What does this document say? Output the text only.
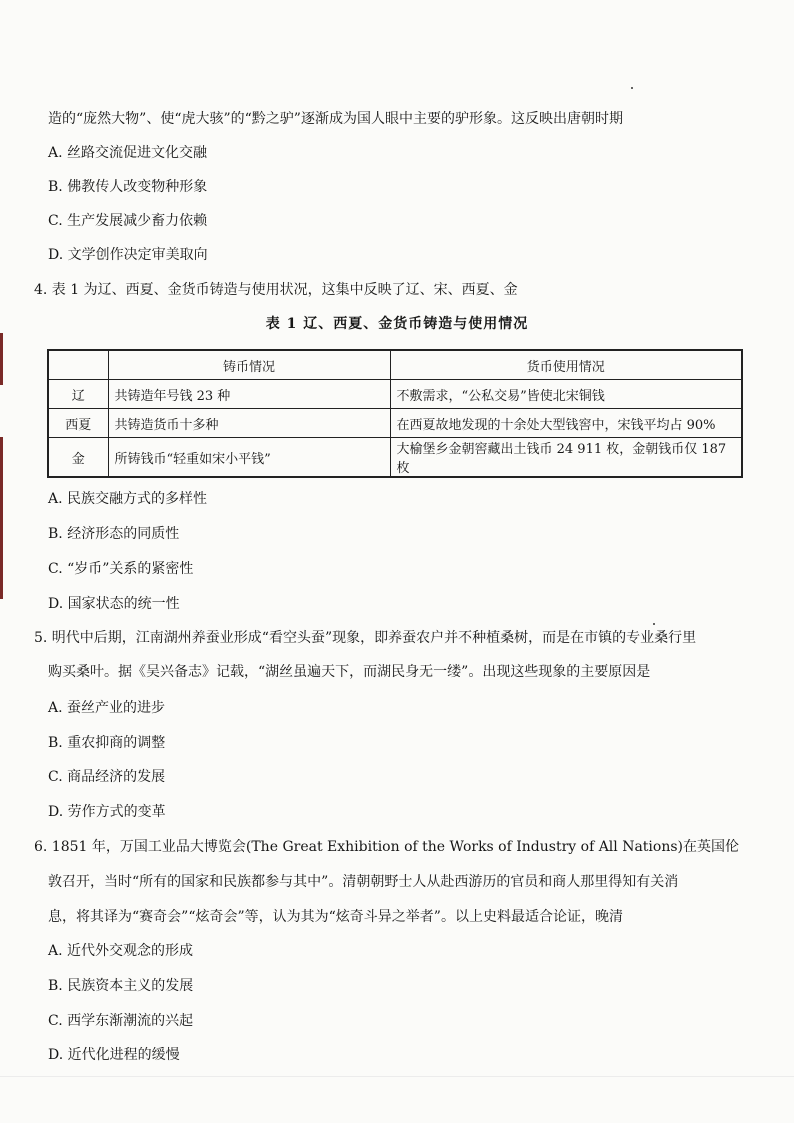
造的“庞然大物”、使“虎大骇”的“黔之驴”逐渐成为国人眼中主要的驴形象。这反映出唐朝时期
A. 丝路交流促进文化交融
B. 佛教传人改变物种形象
C. 生产发展减少畜力依赖
D. 文学创作决定审美取向
4. 表 1 为辽、西夏、金货币铸造与使用状况，这集中反映了辽、宋、西夏、金
表 1 辽、西夏、金货币铸造与使用情况
	铸币情况	货币使用情况
辽	共铸造年号钱 23 种	不敷需求，“公私交易”皆使北宋铜钱
西夏	共铸造货币十多种	在西夏故地发现的十余处大型钱窖中，宋钱平均占 90%
金	所铸钱币“轻重如宋小平钱”	大榆堡乡金朝窖藏出土钱币 24 911 枚，金朝钱币仅 187 枚
A. 民族交融方式的多样性
B. 经济形态的同质性
C. “岁币”关系的紧密性
D. 国家状态的统一性
5. 明代中后期，江南湖州养蚕业形成“看空头蚕”现象，即养蚕农户并不种植桑树，而是在市镇的专业桑行里
购买桑叶。据《吴兴备志》记载，“湖丝虽遍天下，而湖民身无一缕”。出现这些现象的主要原因是
A. 蚕丝产业的进步
B. 重农抑商的调整
C. 商品经济的发展
D. 劳作方式的变革
6. 1851 年，万国工业品大博览会(The Great Exhibition of the Works of Industry of All Nations)在英国伦
敦召开，当时“所有的国家和民族都参与其中”。清朝朝野士人从赴西游历的官员和商人那里得知有关消
息，将其译为“赛奇会”“炫奇会”等，认为其为“炫奇斗异之举者”。以上史料最适合论证，晚清
A. 近代外交观念的形成
B. 民族资本主义的发展
C. 西学东渐潮流的兴起
D. 近代化进程的缓慢
